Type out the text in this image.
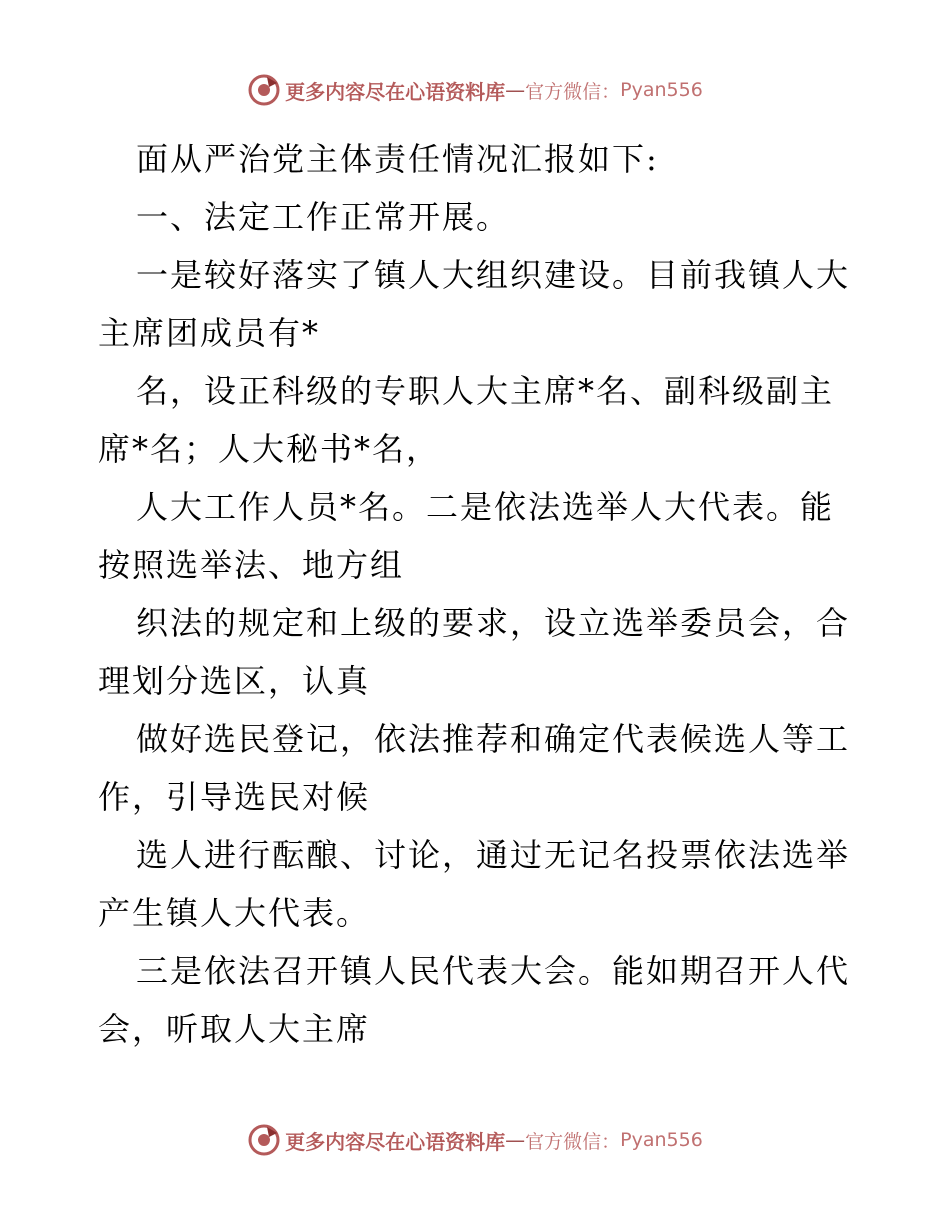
更多内容尽在心语资料库 — 官方微信： Pyan556
面从严治党主体责任情况汇报如下:
一、法定工作正常开展。
一是较好落实了镇人大组织建设。目前我镇人大
主席团成员有*
名，设正科级的专职人大主席*名、副科级副主
席*名；人大秘书*名，
人大工作人员*名。二是依法选举人大代表。能
按照选举法、地方组
织法的规定和上级的要求，设立选举委员会，合
理划分选区，认真
做好选民登记，依法推荐和确定代表候选人等工
作，引导选民对候
选人进行酝酿、讨论，通过无记名投票依法选举
产生镇人大代表。
三是依法召开镇人民代表大会。能如期召开人代
会，听取人大主席
更多内容尽在心语资料库 — 官方微信： Pyan556
